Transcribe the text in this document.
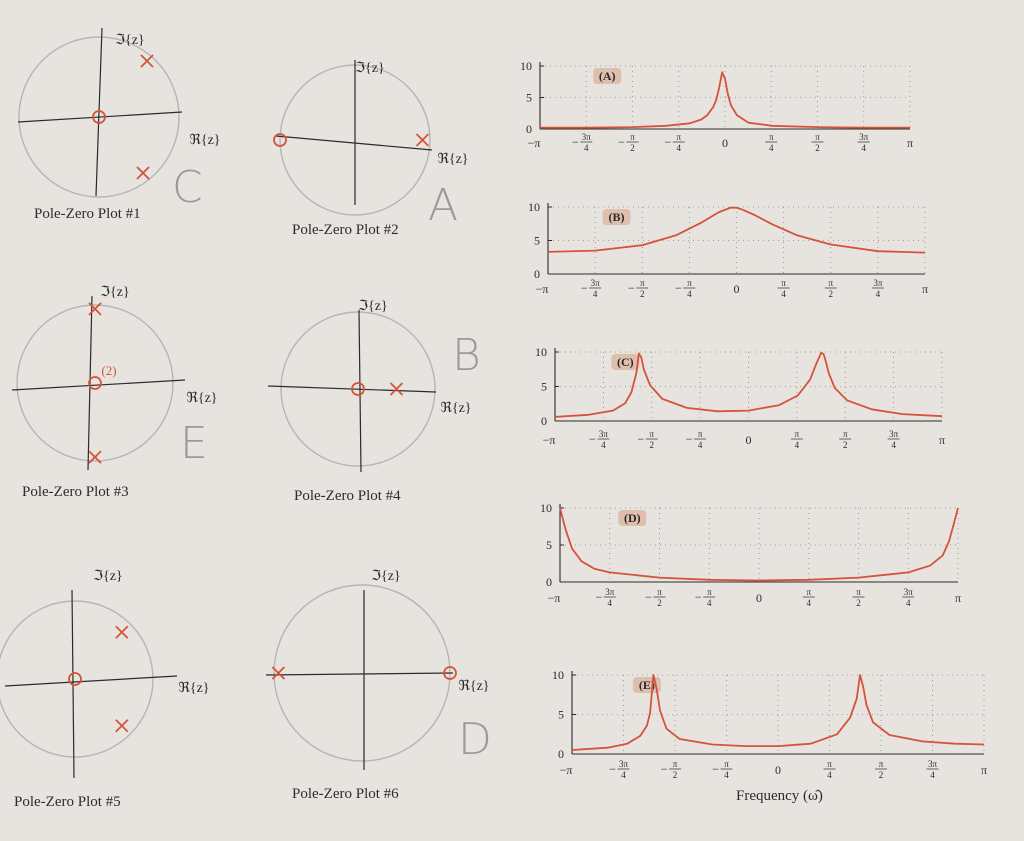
ℑ{z}
ℜ{z}
ℑ{z}
ℜ{z}
ℑ{z}
ℜ{z}
(2)
ℑ{z}
ℜ{z}
ℑ{z}
ℜ{z}
ℑ{z}
ℜ{z}
0
5
10
−π	− 3π
4 − π
2 − π
4	0	π
4
π
2
3π
4	π
(A)
0
5
10
−π	− 3π
4	− π
2	− π
4	0	π
4
π
2
3π
4	π
(B)
0
5
10
−π	− 3π
4	− π
2	− π
4	0	π
4
π
2
3π
4	π
(C)
0
5
10
−π	− 3π
4	− π
2	− π
4	0	π
4
π
2
3π
4	π
(D)
0
5
10
−π	− 3π
4	− π
2	− π
4	0	π
4
π
2
3π
4	π
(E)
Pole-Zero Plot #1
Pole-Zero Plot #2
Pole-Zero Plot #3	Pole-Zero Plot #4
Pole-Zero Plot #5	Pole-Zero Plot #6
C	A
E
B
D
Frequency (ω̂)
